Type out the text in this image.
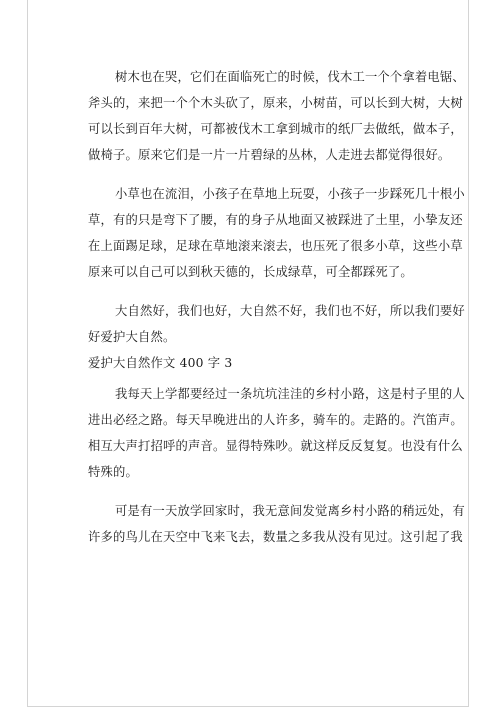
树木也在哭，它们在面临死亡的时候，伐木工一个个拿着电锯、
斧头的，来把一个个木头砍了，原来，小树苗，可以长到大树，大树
可以长到百年大树，可都被伐木工拿到城市的纸厂去做纸，做本子，
做椅子。原来它们是一片一片碧绿的丛林，人走进去都觉得很好。
小草也在流泪，小孩子在草地上玩耍，小孩子一步踩死几十根小
草，有的只是弯下了腰，有的身子从地面又被踩进了土里，小挚友还
在上面踢足球，足球在草地滚来滚去，也压死了很多小草，这些小草
原来可以自己可以到秋天德的，长成绿草，可全都踩死了。
大自然好，我们也好，大自然不好，我们也不好，所以我们要好
好爱护大自然。
爱护大自然作文 400 字 3
我每天上学都要经过一条坑坑洼洼的乡村小路，这是村子里的人
进出必经之路。每天早晚进出的人许多，骑车的。走路的。汽笛声。
相互大声打招呼的声音。显得特殊吵。就这样反反复复。也没有什么
特殊的。
可是有一天放学回家时，我无意间发觉离乡村小路的稍远处，有
许多的鸟儿在天空中飞来飞去，数量之多我从没有见过。这引起了我
